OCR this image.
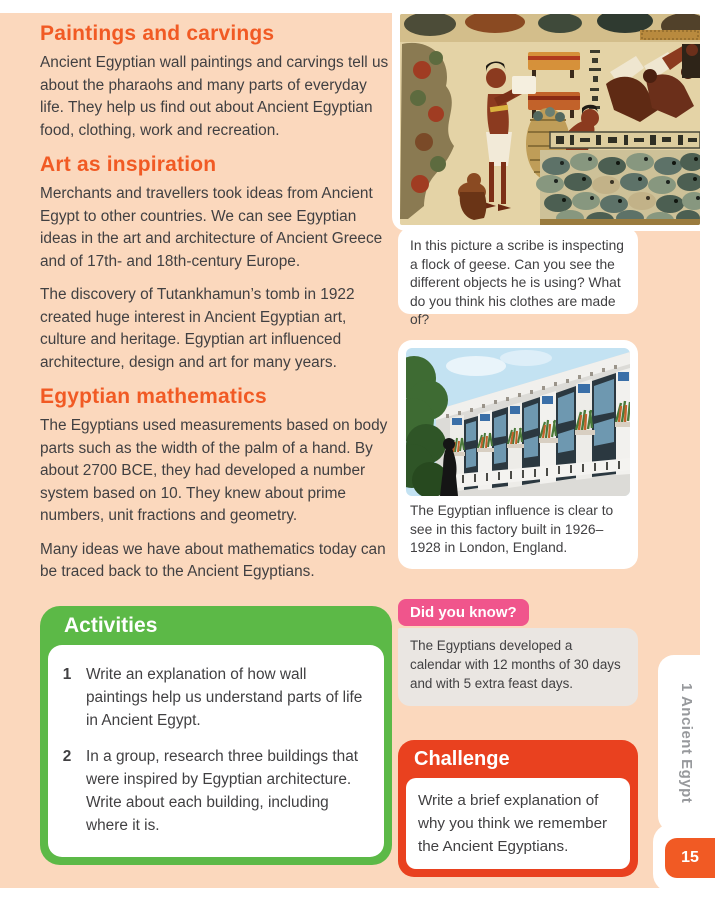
Paintings and carvings

Ancient Egyptian wall paintings and carvings tell us about the pharaohs and many parts of everyday life. They help us find out about Ancient Egyptian food, clothing, work and recreation.

Art as inspiration

Merchants and travellers took ideas from Ancient Egypt to other countries. We can see Egyptian ideas in the art and architecture of Ancient Greece and of 17th- and 18th-century Europe.

The discovery of Tutankhamun’s tomb in 1922 created huge interest in Ancient Egyptian art, culture and heritage. Egyptian art influenced architecture, design and art for many years.

Egyptian mathematics

The Egyptians used measurements based on body parts such as the width of the palm of a hand. By about 2700 BCE, they had developed a number system based on 10. They knew about prime numbers, unit fractions and geometry.

Many ideas we have about mathematics today can be traced back to the Ancient Egyptians.

Activities
1 Write an explanation of how wall paintings help us understand parts of life in Ancient Egypt.
2 In a group, research three buildings that were inspired by Egyptian architecture. Write about each building, including where it is.
In this picture a scribe is inspecting a flock of geese. Can you see the different objects he is using? What do you think his clothes are made of?
The Egyptian influence is clear to see in this factory built in 1926–1928 in London, England.
Did you know?
The Egyptians developed a calendar with 12 months of 30 days and with 5 extra feast days.
Challenge
Write a brief explanation of why you think we remember the Ancient Egyptians.
1 Ancient Egypt
15
